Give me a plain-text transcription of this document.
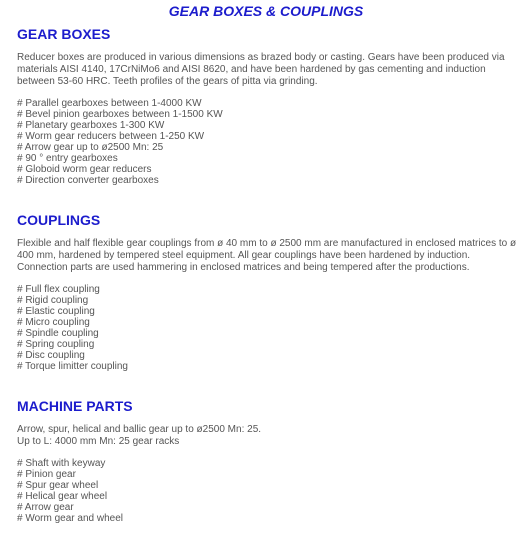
GEAR BOXES & COUPLINGS
GEAR BOXES

Reducer boxes are produced in various dimensions as brazed body or casting. Gears have been produced via materials AISI 4140, 17CrNiMo6 and AISI 8620, and have been hardened by gas cementing and induction between 53-60 HRC. Teeth profiles of the gears of pitta via grinding.

# Parallel gearboxes between 1-4000 KW
# Bevel pinion gearboxes between 1-1500 KW
# Planetary gearboxes 1-300 KW
# Worm gear reducers between 1-250 KW
# Arrow gear up to ø2500 Mn: 25
# 90 ° entry gearboxes
# Globoid worm gear reducers
# Direction converter gearboxes
COUPLINGS

Flexible and half flexible gear couplings from ø 40 mm to ø 2500 mm are manufactured in enclosed matrices to ø 400 mm, hardened by tempered steel equipment. All gear couplings have been hardened by induction. Connection parts are used hammering in enclosed matrices and being tempered after the productions.

# Full flex coupling
# Rigid coupling
# Elastic coupling
# Micro coupling
# Spindle coupling
# Spring coupling
# Disc coupling
# Torque limitter coupling
MACHINE PARTS

Arrow, spur, helical and ballic gear up to ø2500 Mn: 25.
Up to L: 4000 mm Mn: 25 gear racks

# Shaft with keyway
# Pinion gear
# Spur gear wheel
# Helical gear wheel
# Arrow gear
# Worm gear and wheel
